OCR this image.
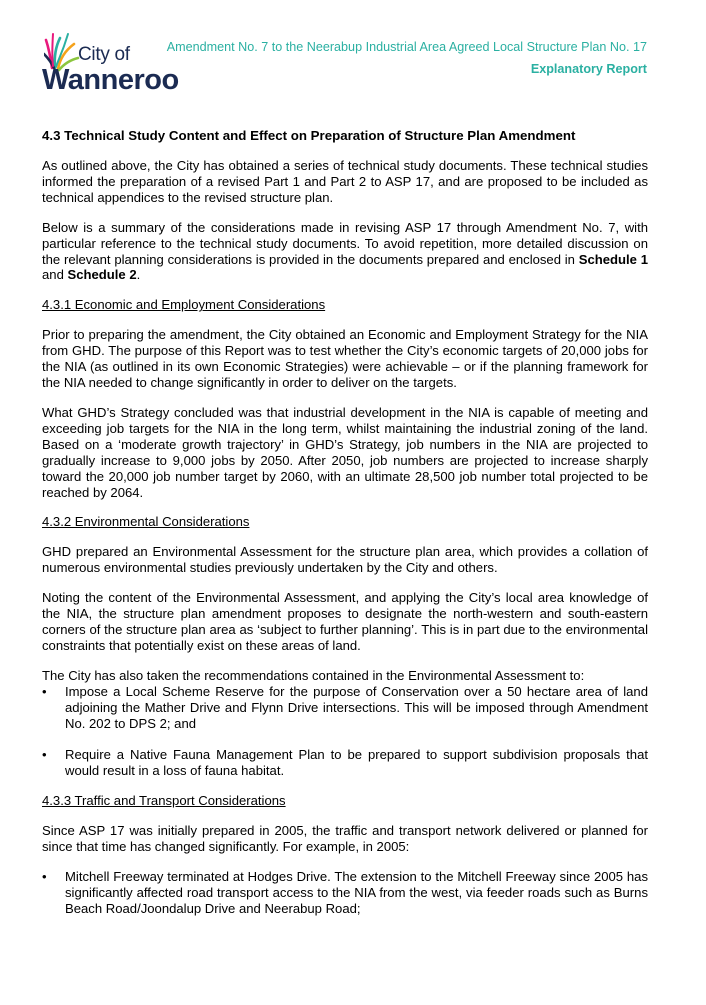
City of
Wanneroo
Amendment No. 7 to the Neerabup Industrial Area Agreed Local Structure Plan No. 17
Explanatory Report
4.3 Technical Study Content and Effect on Preparation of Structure Plan Amendment

As outlined above, the City has obtained a series of technical study documents. These technical studies informed the preparation of a revised Part 1 and Part 2 to ASP 17, and are proposed to be included as technical appendices to the revised structure plan.

Below is a summary of the considerations made in revising ASP 17 through Amendment No. 7, with particular reference to the technical study documents. To avoid repetition, more detailed discussion on the relevant planning considerations is provided in the documents prepared and enclosed in Schedule 1 and Schedule 2.

4.3.1 Economic and Employment Considerations

Prior to preparing the amendment, the City obtained an Economic and Employment Strategy for the NIA from GHD. The purpose of this Report was to test whether the City’s economic targets of 20,000 jobs for the NIA (as outlined in its own Economic Strategies) were achievable – or if the planning framework for the NIA needed to change significantly in order to deliver on the targets.

What GHD’s Strategy concluded was that industrial development in the NIA is capable of meeting and exceeding job targets for the NIA in the long term, whilst maintaining the industrial zoning of the land. Based on a ‘moderate growth trajectory’ in GHD’s Strategy, job numbers in the NIA are projected to gradually increase to 9,000 jobs by 2050. After 2050, job numbers are projected to increase sharply toward the 20,000 job number target by 2060, with an ultimate 28,500 job number total projected to be reached by 2064.

4.3.2 Environmental Considerations

GHD prepared an Environmental Assessment for the structure plan area, which provides a collation of numerous environmental studies previously undertaken by the City and others.

Noting the content of the Environmental Assessment, and applying the City’s local area knowledge of the NIA, the structure plan amendment proposes to designate the north-western and south-eastern corners of the structure plan area as ‘subject to further planning’. This is in part due to the environmental constraints that potentially exist on these areas of land.

The City has also taken the recommendations contained in the Environmental Assessment to:

• Impose a Local Scheme Reserve for the purpose of Conservation over a 50 hectare area of land adjoining the Mather Drive and Flynn Drive intersections. This will be imposed through Amendment No. 202 to DPS 2; and
• Require a Native Fauna Management Plan to be prepared to support subdivision proposals that would result in a loss of fauna habitat.
4.3.3 Traffic and Transport Considerations

Since ASP 17 was initially prepared in 2005, the traffic and transport network delivered or planned for since that time has changed significantly. For example, in 2005:

• Mitchell Freeway terminated at Hodges Drive. The extension to the Mitchell Freeway since 2005 has significantly affected road transport access to the NIA from the west, via feeder roads such as Burns Beach Road/Joondalup Drive and Neerabup Road;
